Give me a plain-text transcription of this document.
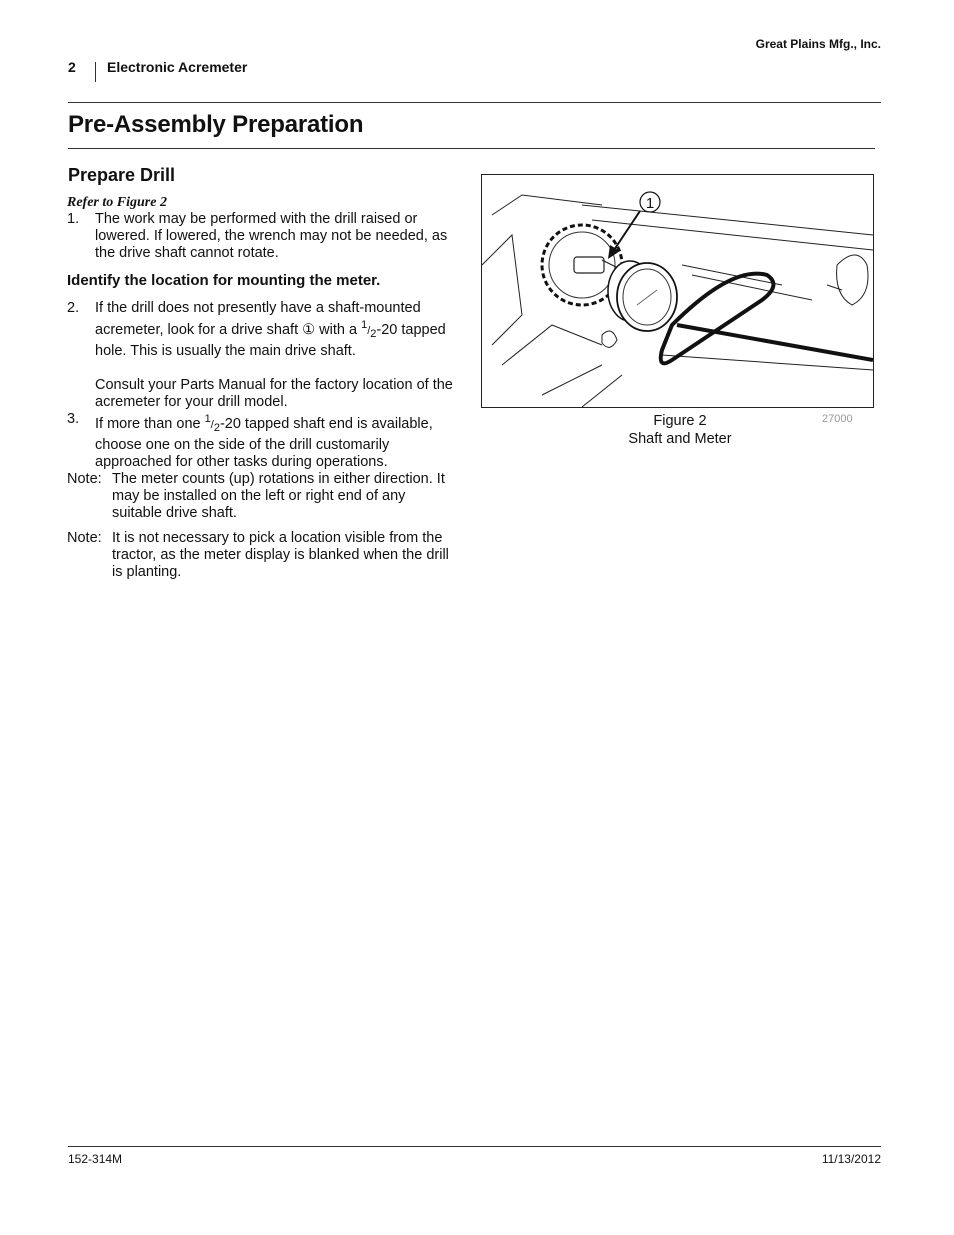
Great Plains Mfg., Inc.
2 Electronic Acremeter
Pre-Assembly Preparation
Prepare Drill
Refer to Figure 2
1. The work may be performed with the drill raised or lowered. If lowered, the wrench may not be needed, as the drive shaft cannot rotate.
Identify the location for mounting the meter.
2. If the drill does not presently have a shaft-mounted acremeter, look for a drive shaft ① with a $^1/_2-20$ tapped hole. This is usually the main drive shaft.
Consult your Parts Manual for the factory location of the acremeter for your drill model.
3. If more than one $^1/_2-20$ tapped shaft end is available, choose one on the side of the drill customarily approached for other tasks during operations.
Note: The meter counts (up) rotations in either direction. It may be installed on the left or right end of any suitable drive shaft.
Note: It is not necessary to pick a location visible from the tractor, as the meter display is blanked when the drill is planting.
1
Figure 2
Shaft and Meter
27000
152-314M	11/13/2012
